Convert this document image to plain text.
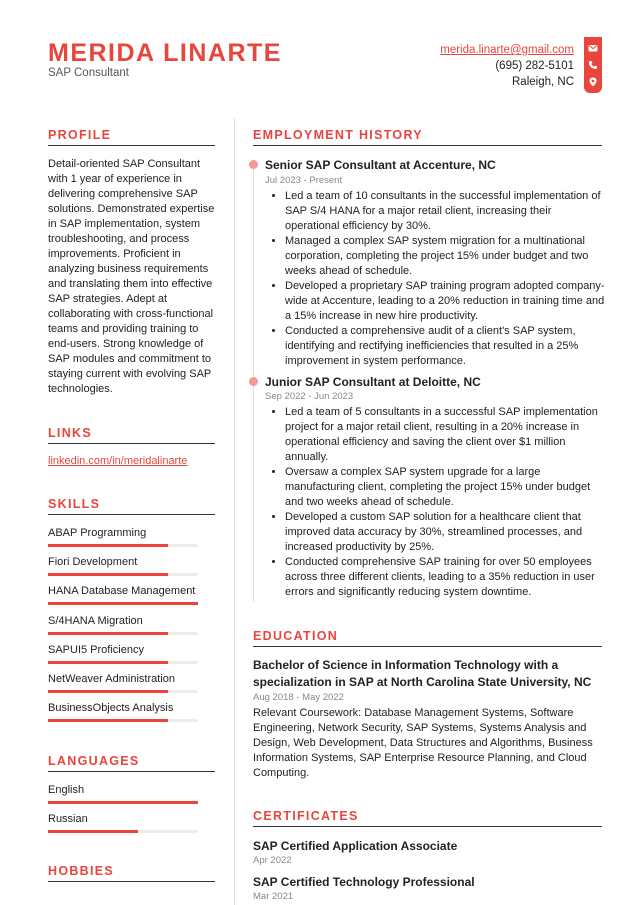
MERIDA LINARTE
SAP Consultant
merida.linarte@gmail.com
(695) 282-5101
Raleigh, NC
PROFILE
Detail-oriented SAP Consultant with 1 year of experience in delivering comprehensive SAP solutions. Demonstrated expertise in SAP implementation, system troubleshooting, and process improvements. Proficient in analyzing business requirements and translating them into effective SAP strategies. Adept at collaborating with cross-functional teams and providing training to end-users. Strong knowledge of SAP modules and commitment to staying current with evolving SAP technologies.
LINKS
linkedin.com/in/meridalinarte
SKILLS
ABAP Programming
Fiori Development
HANA Database Management
S/4HANA Migration
SAPUI5 Proficiency
NetWeaver Administration
BusinessObjects Analysis
LANGUAGES
English
Russian
HOBBIES
EMPLOYMENT HISTORY
Senior SAP Consultant at Accenture, NC
Jul 2023 - Present
• Led a team of 10 consultants in the successful implementation of SAP S/4 HANA for a major retail client, increasing their operational efficiency by 30%.
• Managed a complex SAP system migration for a multinational corporation, completing the project 15% under budget and two weeks ahead of schedule.
• Developed a proprietary SAP training program adopted company-wide at Accenture, leading to a 20% reduction in training time and a 15% increase in new hire productivity.
• Conducted a comprehensive audit of a client's SAP system, identifying and rectifying inefficiencies that resulted in a 25% improvement in system performance.
Junior SAP Consultant at Deloitte, NC
Sep 2022 - Jun 2023
• Led a team of 5 consultants in a successful SAP implementation project for a major retail client, resulting in a 20% increase in operational efficiency and saving the client over $1 million annually.
• Oversaw a complex SAP system upgrade for a large manufacturing client, completing the project 15% under budget and two weeks ahead of schedule.
• Developed a custom SAP solution for a healthcare client that improved data accuracy by 30%, streamlined processes, and increased productivity by 25%.
• Conducted comprehensive SAP training for over 50 employees across three different clients, leading to a 35% reduction in user errors and significantly reducing system downtime.
EDUCATION
Bachelor of Science in Information Technology with a specialization in SAP at North Carolina State University, NC
Aug 2018 - May 2022
Relevant Coursework: Database Management Systems, Software Engineering, Network Security, SAP Systems, Systems Analysis and Design, Web Development, Data Structures and Algorithms, Business Information Systems, SAP Enterprise Resource Planning, and Cloud Computing.
CERTIFICATES
SAP Certified Application Associate
Apr 2022
SAP Certified Technology Professional
Mar 2021
